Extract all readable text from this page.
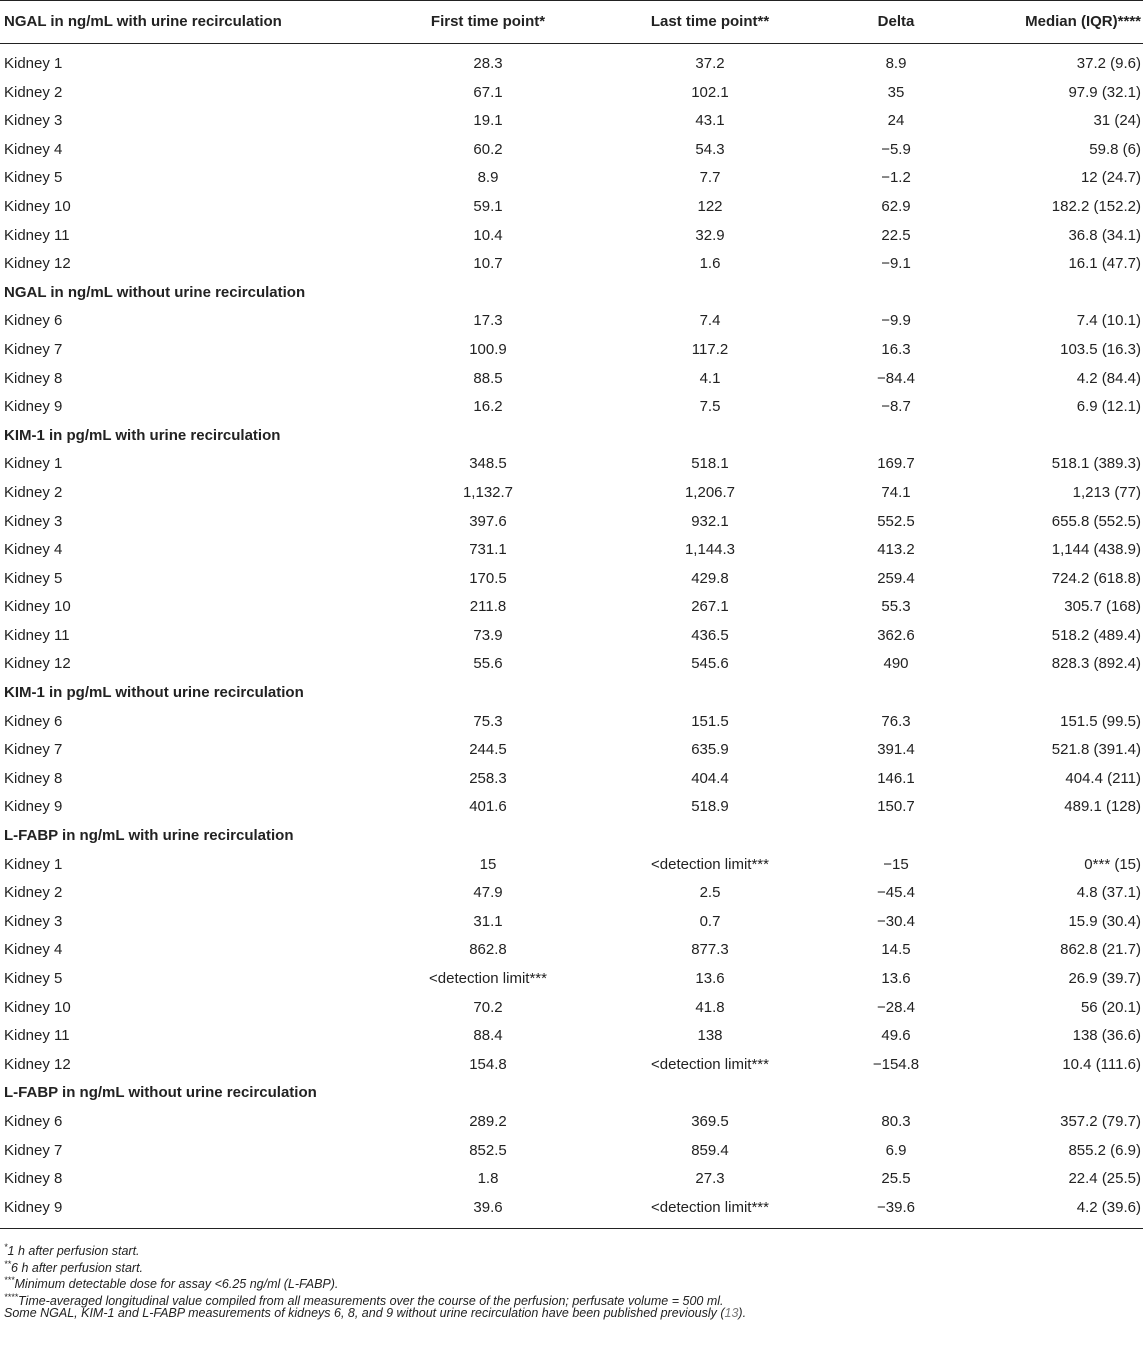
NGAL in ng/mL with urine recirculation	First time point*	Last time point**	Delta	Median (IQR)****
Kidney 1	28.3	37.2	8.9	37.2 (9.6)
Kidney 2	67.1	102.1	35	97.9 (32.1)
Kidney 3	19.1	43.1	24	31 (24)
Kidney 4	60.2	54.3	−5.9	59.8 (6)
Kidney 5	8.9	7.7	−1.2	12 (24.7)
Kidney 10	59.1	122	62.9	182.2 (152.2)
Kidney 11	10.4	32.9	22.5	36.8 (34.1)
Kidney 12	10.7	1.6	−9.1	16.1 (47.7)
NGAL in ng/mL without urine recirculation				
Kidney 6	17.3	7.4	−9.9	7.4 (10.1)
Kidney 7	100.9	117.2	16.3	103.5 (16.3)
Kidney 8	88.5	4.1	−84.4	4.2 (84.4)
Kidney 9	16.2	7.5	−8.7	6.9 (12.1)
KIM-1 in pg/mL with urine recirculation				
Kidney 1	348.5	518.1	169.7	518.1 (389.3)
Kidney 2	1,132.7	1,206.7	74.1	1,213 (77)
Kidney 3	397.6	932.1	552.5	655.8 (552.5)
Kidney 4	731.1	1,144.3	413.2	1,144 (438.9)
Kidney 5	170.5	429.8	259.4	724.2 (618.8)
Kidney 10	211.8	267.1	55.3	305.7 (168)
Kidney 11	73.9	436.5	362.6	518.2 (489.4)
Kidney 12	55.6	545.6	490	828.3 (892.4)
KIM-1 in pg/mL without urine recirculation				
Kidney 6	75.3	151.5	76.3	151.5 (99.5)
Kidney 7	244.5	635.9	391.4	521.8 (391.4)
Kidney 8	258.3	404.4	146.1	404.4 (211)
Kidney 9	401.6	518.9	150.7	489.1 (128)
L-FABP in ng/mL with urine recirculation				
Kidney 1	15	<detection limit***	−15	0*** (15)
Kidney 2	47.9	2.5	−45.4	4.8 (37.1)
Kidney 3	31.1	0.7	−30.4	15.9 (30.4)
Kidney 4	862.8	877.3	14.5	862.8 (21.7)
Kidney 5	<detection limit***	13.6	13.6	26.9 (39.7)
Kidney 10	70.2	41.8	−28.4	56 (20.1)
Kidney 11	88.4	138	49.6	138 (36.6)
Kidney 12	154.8	<detection limit***	−154.8	10.4 (111.6)
L-FABP in ng/mL without urine recirculation				
Kidney 6	289.2	369.5	80.3	357.2 (79.7)
Kidney 7	852.5	859.4	6.9	855.2 (6.9)
Kidney 8	1.8	27.3	25.5	22.4 (25.5)
Kidney 9	39.6	<detection limit***	−39.6	4.2 (39.6)
*1 h after perfusion start.
**6 h after perfusion start.
***Minimum detectable dose for assay <6.25 ng/ml (L-FABP).
****Time-averaged longitudinal value compiled from all measurements over the course of the perfusion; perfusate volume = 500 ml.
Some NGAL, KIM-1 and L-FABP measurements of kidneys 6, 8, and 9 without urine recirculation have been published previously (13).
